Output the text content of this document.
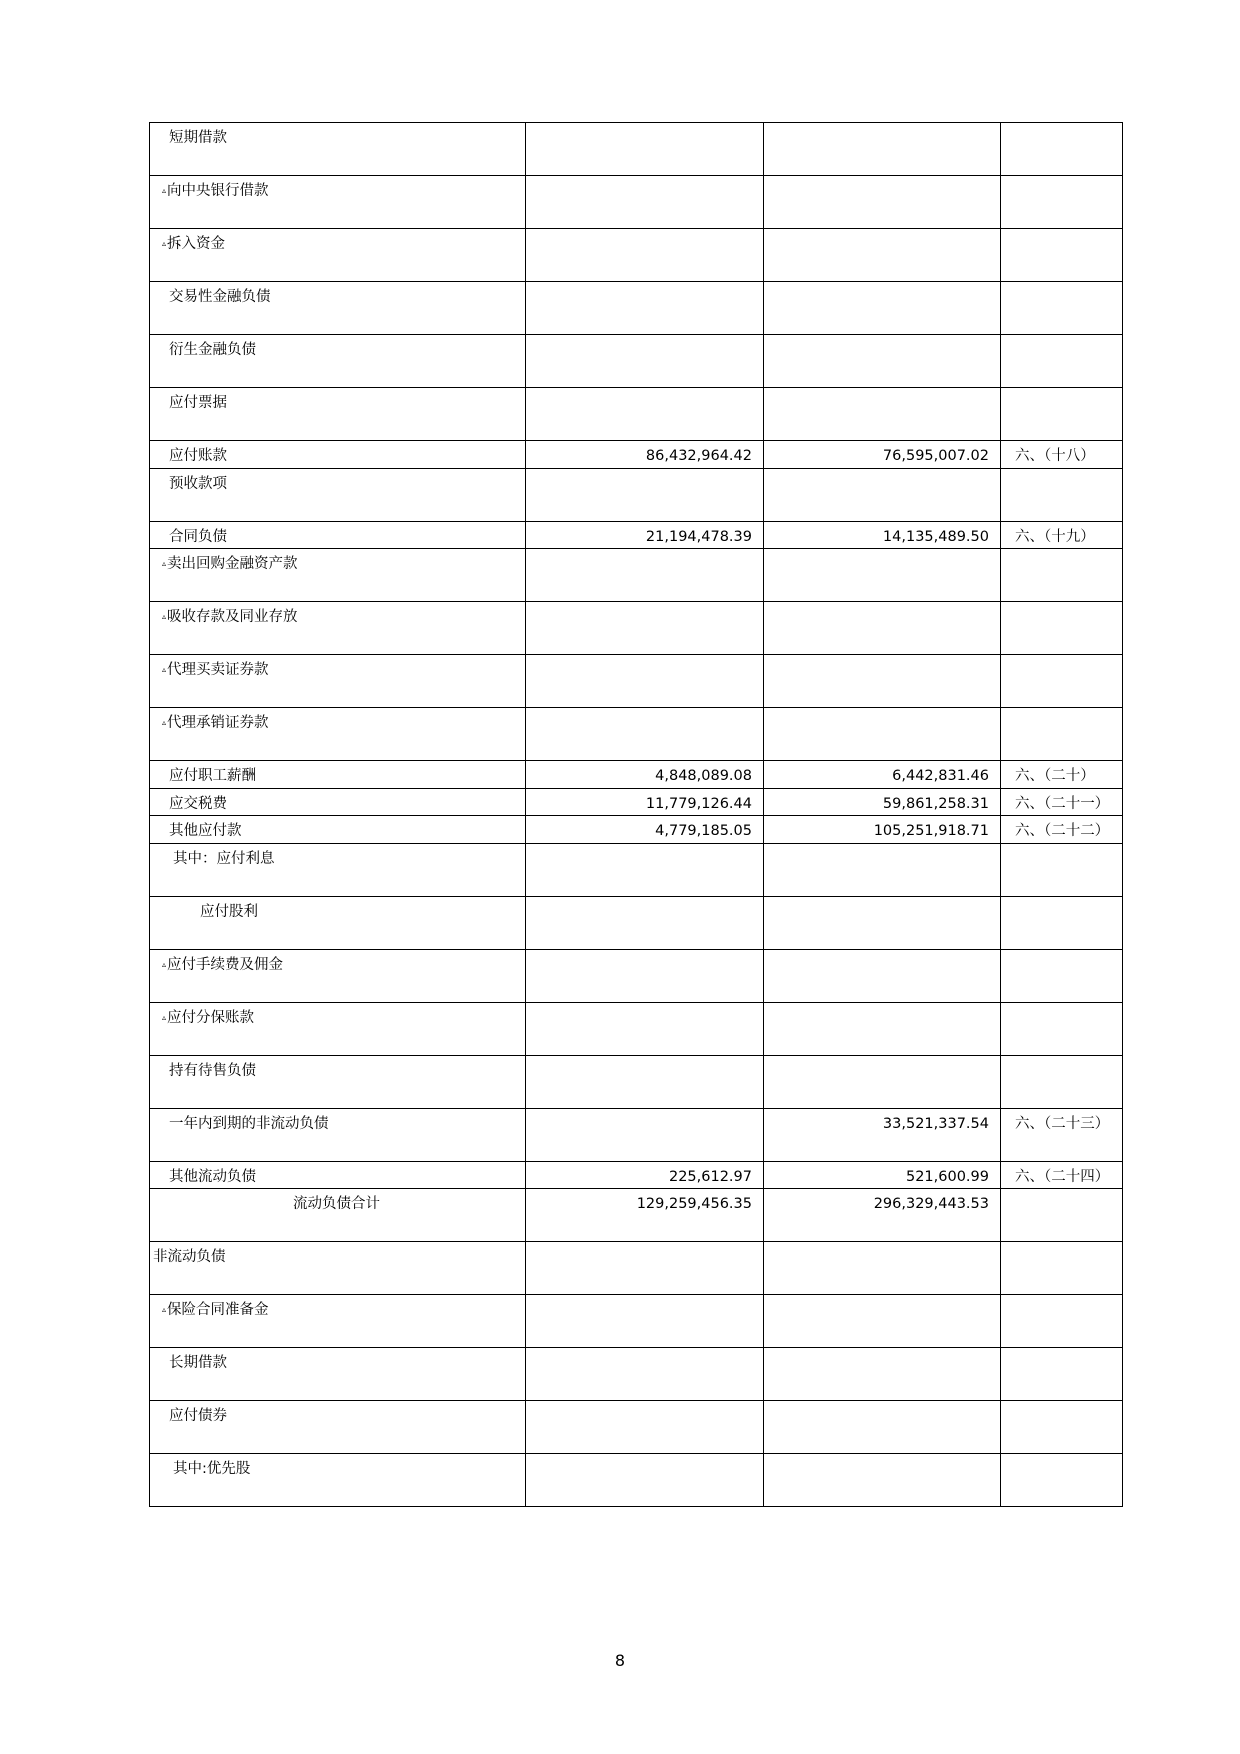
短期借款			

▵ 向中央银行借款

▵ 拆入资金

交易性金融负债			

衍生金融负债			

应付票据			

应付账款	86,432,964.42	76,595,007.02	六、（十八）

预收款项			

合同负债	21,194,478.39	14,135,489.50	六、（十九）

▵ 卖出回购金融资产款

▵ 吸收存款及同业存放

▵ 代理买卖证券款

▵ 代理承销证券款

应付职工薪酬	4,848,089.08	6,442,831.46	六、（二十）

应交税费	11,779,126.44	59,861,258.31	六、（二十一）

其他应付款	4,779,185.05	105,251,918.71	六、（二十二）

其中：应付利息			

应付股利			

▵ 应付手续费及佣金

▵ 应付分保账款

持有待售负债			

一年内到期的非流动负债		33,521,337.54	六、（二十三）

其他流动负债	225,612.97	521,600.99	六、（二十四）

流动负债合计	129,259,456.35	296,329,443.53	

非流动负债			

▵ 保险合同准备金

长期借款			

应付债券			

其中:优先股			

8
